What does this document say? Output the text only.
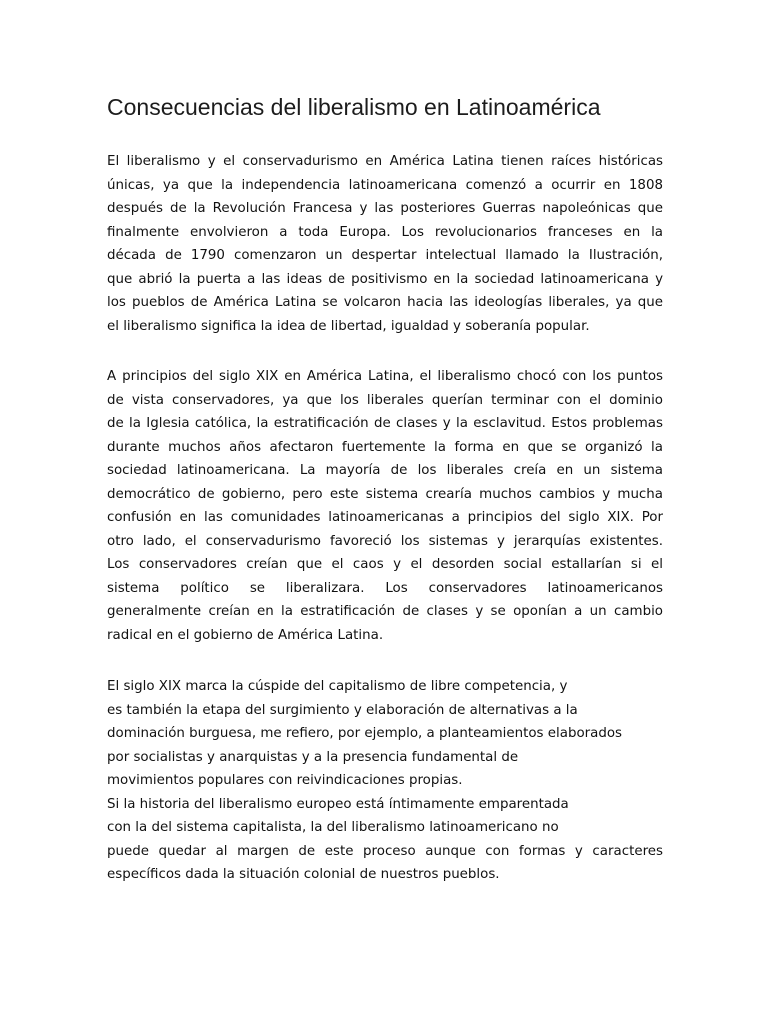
Consecuencias del liberalismo en Latinoamérica
El liberalismo y el conservadurismo en América Latina tienen raíces históricas
únicas, ya que la independencia latinoamericana comenzó a ocurrir en 1808
después de la Revolución Francesa y las posteriores Guerras napoleónicas que
finalmente envolvieron a toda Europa. Los revolucionarios franceses en la
década de 1790 comenzaron un despertar intelectual llamado la Ilustración,
que abrió la puerta a las ideas de positivismo en la sociedad latinoamericana y
los pueblos de América Latina se volcaron hacia las ideologías liberales, ya que
el liberalismo significa la idea de libertad, igualdad y soberanía popular.
A principios del siglo XIX en América Latina, el liberalismo chocó con los puntos
de vista conservadores, ya que los liberales querían terminar con el dominio
de la Iglesia católica, la estratificación de clases y la esclavitud. Estos problemas
durante muchos años afectaron fuertemente la forma en que se organizó la
sociedad latinoamericana. La mayoría de los liberales creía en un sistema
democrático de gobierno, pero este sistema crearía muchos cambios y mucha
confusión en las comunidades latinoamericanas a principios del siglo XIX. Por
otro lado, el conservadurismo favoreció los sistemas y jerarquías existentes.
Los conservadores creían que el caos y el desorden social estallarían si el
sistema político se liberalizara. Los conservadores latinoamericanos
generalmente creían en la estratificación de clases y se oponían a un cambio
radical en el gobierno de América Latina.
El siglo XIX marca la cúspide del capitalismo de libre competencia, y
es también la etapa del surgimiento y elaboración de alternativas a la
dominación burguesa, me refiero, por ejemplo, a planteamientos elaborados
por socialistas y anarquistas y a la presencia fundamental de
movimientos populares con reivindicaciones propias.
Si la historia del liberalismo europeo está íntimamente emparentada
con la del sistema capitalista, la del liberalismo latinoamericano no
puede quedar al margen de este proceso aunque con formas y caracteres
específicos dada la situación colonial de nuestros pueblos.
